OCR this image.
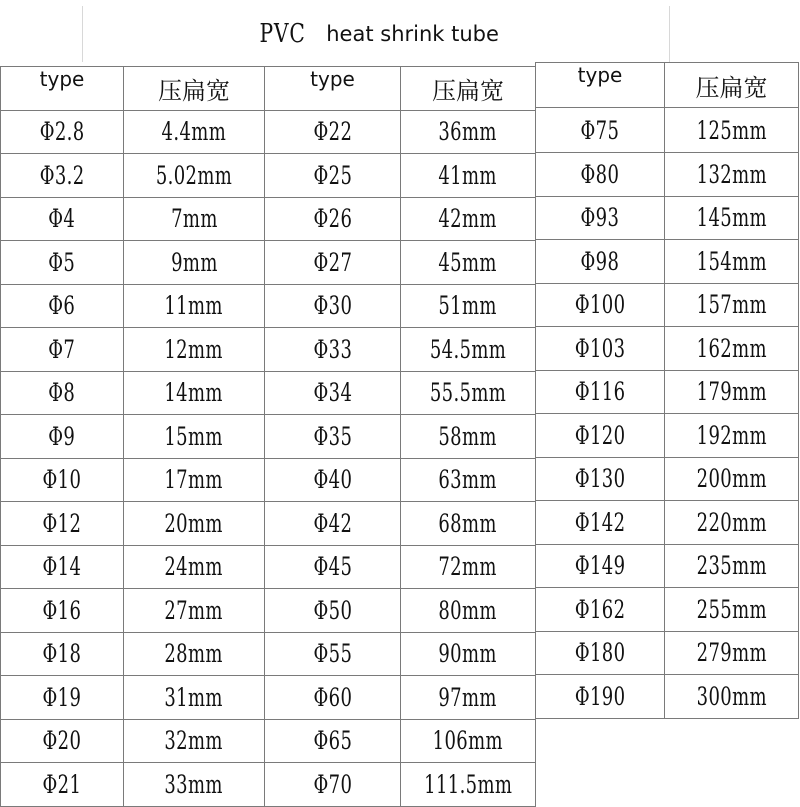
PVC heat shrink tube
type	压扁宽
Φ2.8	4.4mm
Φ3.2	5.02mm
Φ4	7mm
Φ5	9mm
Φ6	11mm
Φ7	12mm
Φ8	14mm
Φ9	15mm
Φ10	17mm
Φ12	20mm
Φ14	24mm
Φ16	27mm
Φ18	28mm
Φ19	31mm
Φ20	32mm
Φ21	33mm
type	压扁宽
Φ22	36mm
Φ25	41mm
Φ26	42mm
Φ27	45mm
Φ30	51mm
Φ33	54.5mm
Φ34	55.5mm
Φ35	58mm
Φ40	63mm
Φ42	68mm
Φ45	72mm
Φ50	80mm
Φ55	90mm
Φ60	97mm
Φ65	106mm
Φ70	111.5mm
type	压扁宽
Φ75	125mm
Φ80	132mm
Φ93	145mm
Φ98	154mm
Φ100	157mm
Φ103	162mm
Φ116	179mm
Φ120	192mm
Φ130	200mm
Φ142	220mm
Φ149	235mm
Φ162	255mm
Φ180	279mm
Φ190	300mm
